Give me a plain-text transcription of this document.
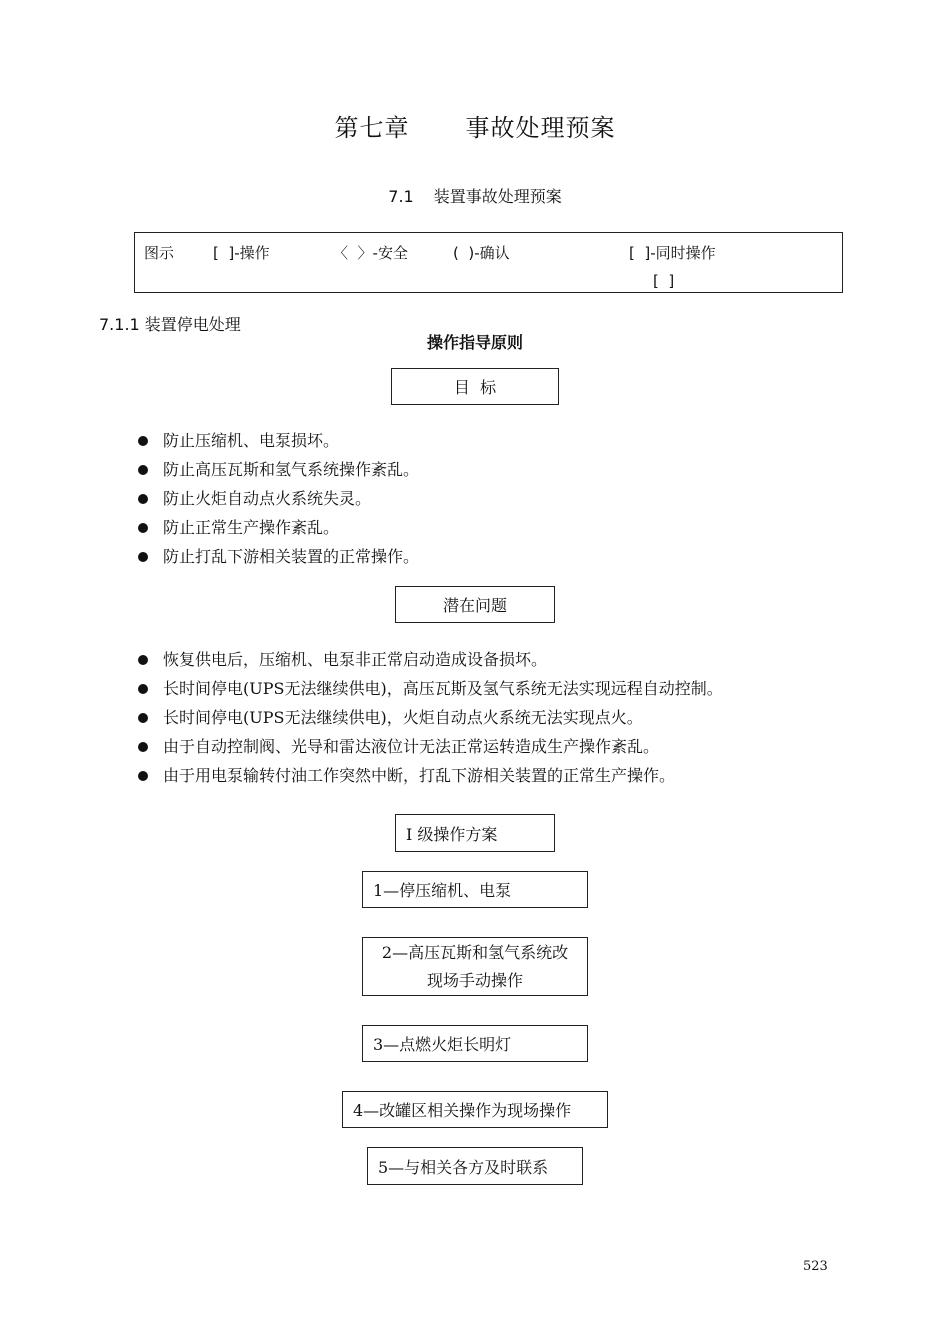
第七章 事故处理预案
7.1 装置事故处理预案
图示	[  ]-操作	〈  〉-安全	(  )-确认	[  ]-同时操作
[  ]
7.1.1 装置停电处理
操作指导原则
目  标
防止压缩机、电泵损坏。
防止高压瓦斯和氢气系统操作紊乱。
防止火炬自动点火系统失灵。
防止正常生产操作紊乱。
防止打乱下游相关装置的正常操作。
潜在问题
恢复供电后，压缩机、电泵非正常启动造成设备损坏。
长时间停电(UPS无法继续供电)，高压瓦斯及氢气系统无法实现远程自动控制。
长时间停电(UPS无法继续供电)，火炬自动点火系统无法实现点火。
由于自动控制阀、光导和雷达液位计无法正常运转造成生产操作紊乱。
由于用电泵输转付油工作突然中断，打乱下游相关装置的正常生产操作。
Ⅰ 级操作方案
1—停压缩机、电泵
2—高压瓦斯和氢气系统改
现场手动操作
3—点燃火炬长明灯
4—改罐区相关操作为现场操作
5—与相关各方及时联系
523
